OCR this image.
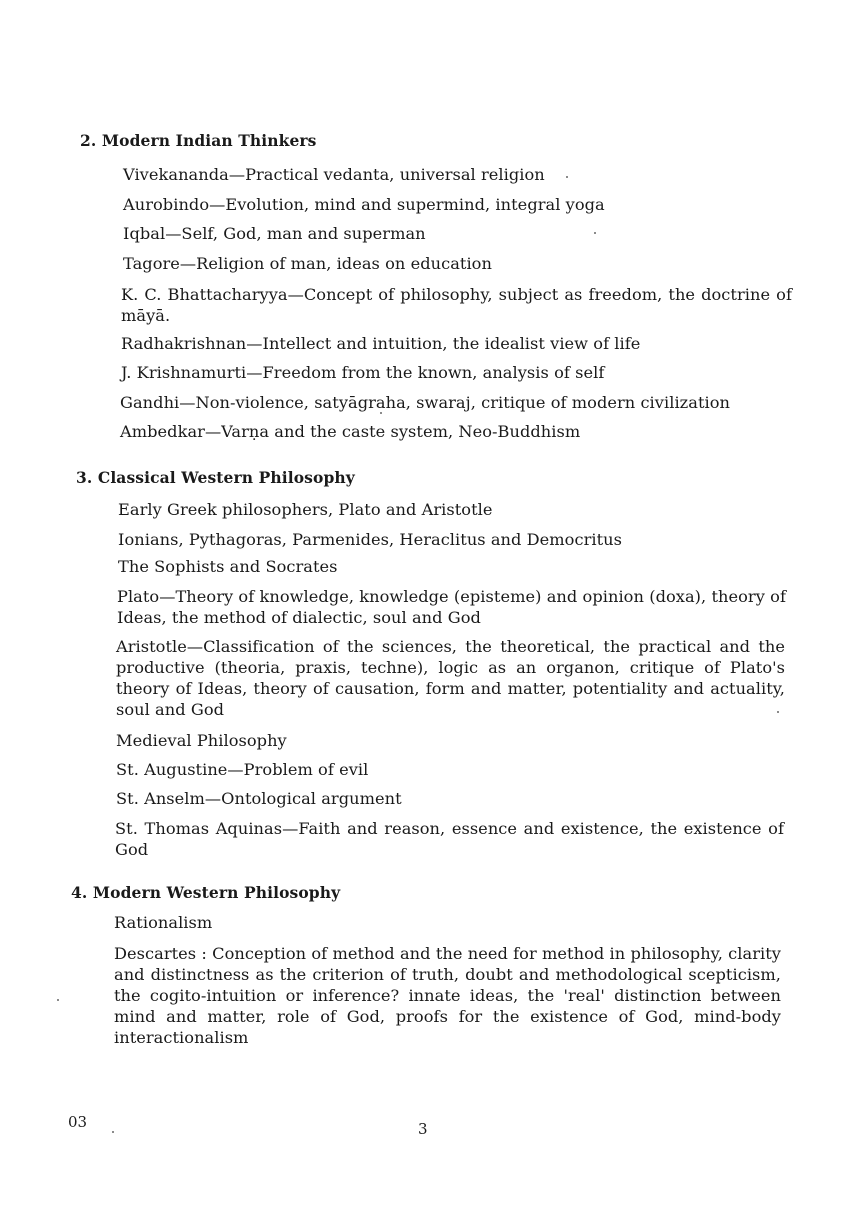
2. Modern Indian Thinkers
Vivekananda—Practical vedanta, universal religion
Aurobindo—Evolution, mind and supermind, integral yoga
Iqbal—Self, God, man and superman
Tagore—Religion of man, ideas on education
K. C. Bhattacharyya—Concept of philosophy, subject as freedom, the doctrine of māyā.
Radhakrishnan—Intellect and intuition, the idealist view of life
J. Krishnamurti—Freedom from the known, analysis of self
Gandhi—Non-violence, satyāgraha, swaraj, critique of modern civilization
Ambedkar—Varṇa and the caste system, Neo-Buddhism
3. Classical Western Philosophy
Early Greek philosophers, Plato and Aristotle
Ionians, Pythagoras, Parmenides, Heraclitus and Democritus
The Sophists and Socrates
Plato—Theory of knowledge, knowledge (episteme) and opinion (doxa), theory of Ideas, the method of dialectic, soul and God
Aristotle—Classification of the sciences, the theoretical, the practical and the productive (theoria, praxis, techne), logic as an organon, critique of Plato's theory of Ideas, theory of causation, form and matter, potentiality and actuality, soul and God
Medieval Philosophy
St. Augustine—Problem of evil
St. Anselm—Ontological argument
St. Thomas Aquinas—Faith and reason, essence and existence, the existence of God
4. Modern Western Philosophy
Rationalism
Descartes : Conception of method and the need for method in philosophy, clarity and distinctness as the criterion of truth, doubt and methodological scepticism, the cogito-intuition or inference? innate ideas, the 'real' distinction between mind and matter, role of God, proofs for the existence of God, mind-body interactionalism
03	3
